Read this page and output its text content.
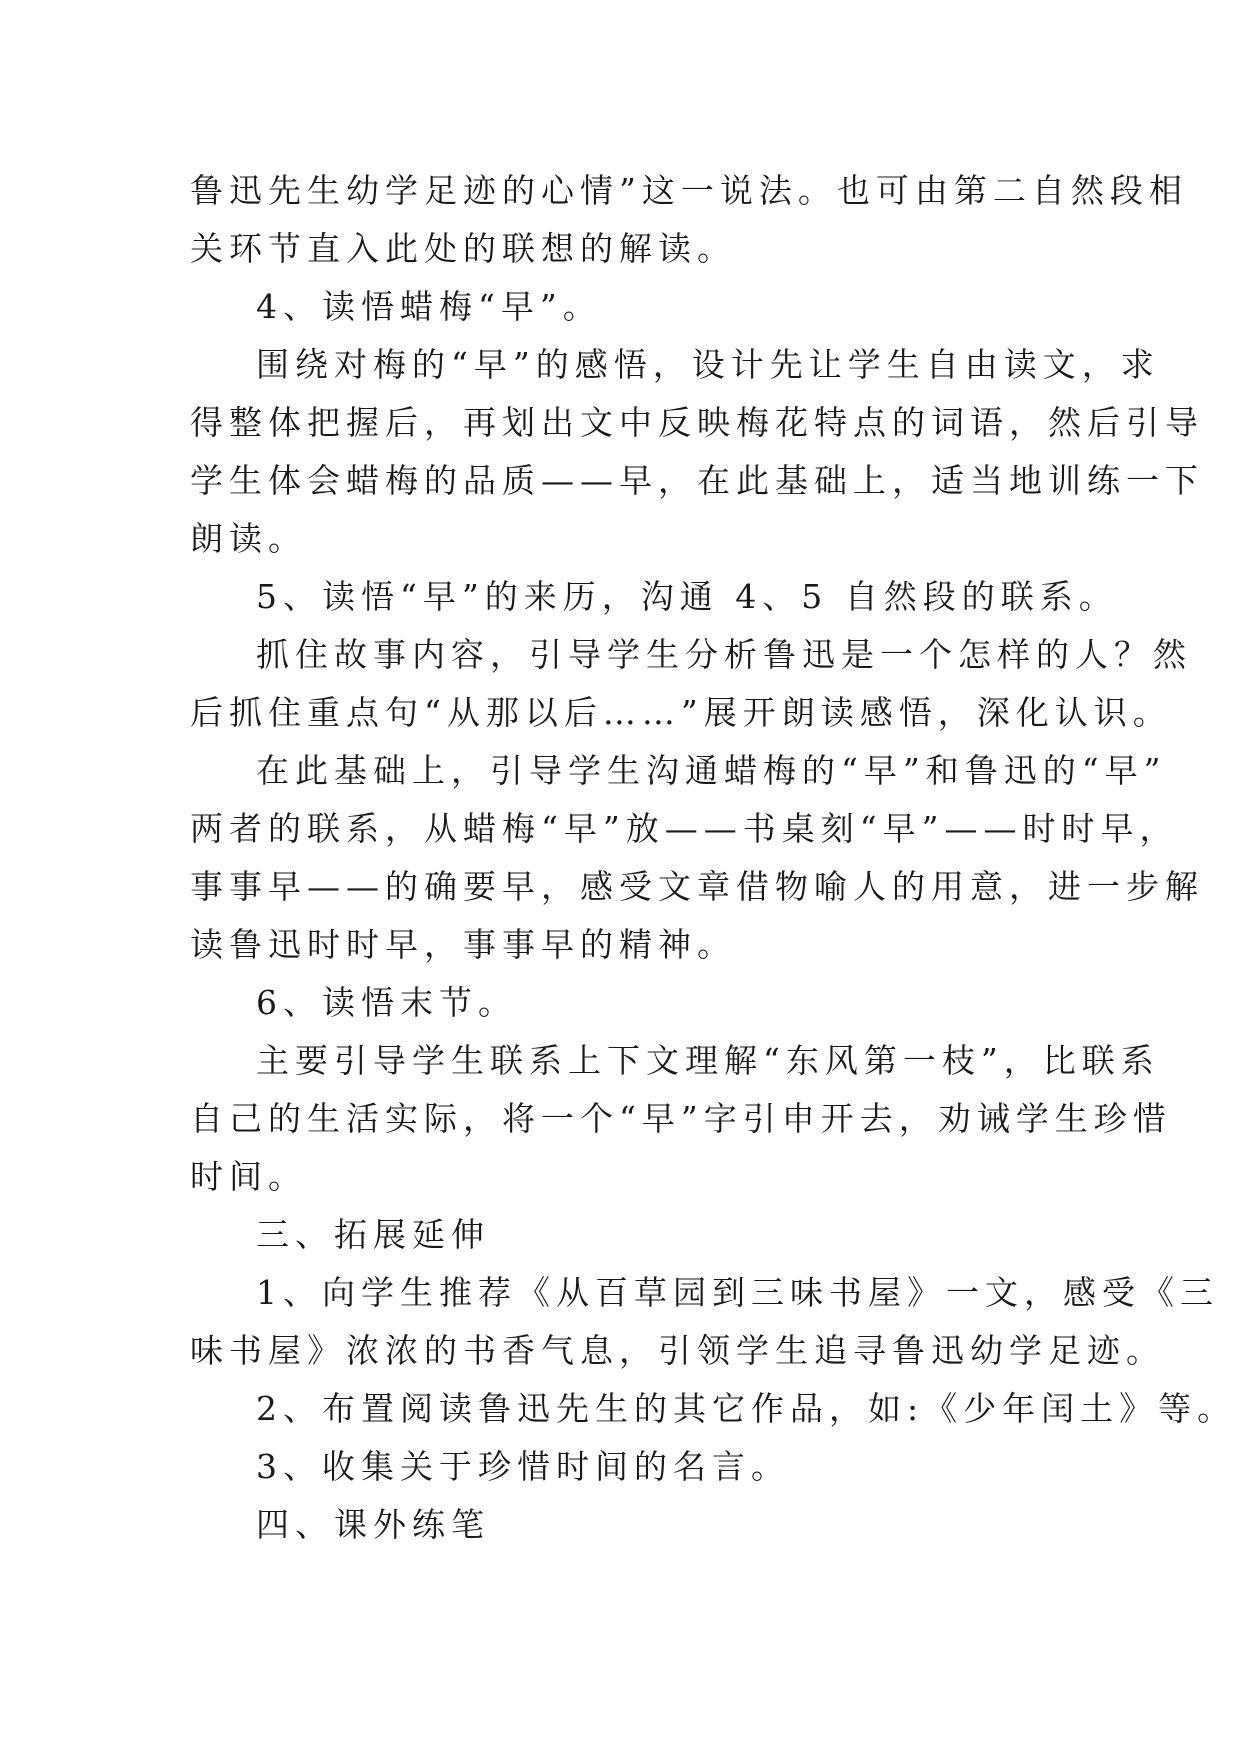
鲁迅先生幼学足迹的心情”这一说法。也可由第二自然段相
关环节直入此处的联想的解读。
4、读悟蜡梅“早”。
围绕对梅的“早”的感悟，设计先让学生自由读文，求
得整体把握后，再划出文中反映梅花特点的词语，然后引导
学生体会蜡梅的品质——早，在此基础上，适当地训练一下
朗读。
5、读悟“早”的来历，沟通 4、5 自然段的联系。
抓住故事内容，引导学生分析鲁迅是一个怎样的人？然
后抓住重点句“从那以后……”展开朗读感悟，深化认识。
在此基础上，引导学生沟通蜡梅的“早”和鲁迅的“早”
两者的联系，从蜡梅“早”放——书桌刻“早”——时时早，
事事早——的确要早，感受文章借物喻人的用意，进一步解
读鲁迅时时早，事事早的精神。
6、读悟末节。
主要引导学生联系上下文理解“东风第一枝”，比联系
自己的生活实际，将一个“早”字引申开去，劝诫学生珍惜
时间。
三、拓展延伸
1、向学生推荐《从百草园到三味书屋》一文，感受《三
味书屋》浓浓的书香气息，引领学生追寻鲁迅幼学足迹。
2、布置阅读鲁迅先生的其它作品，如:《少年闰土》等。
3、收集关于珍惜时间的名言。
四、课外练笔
